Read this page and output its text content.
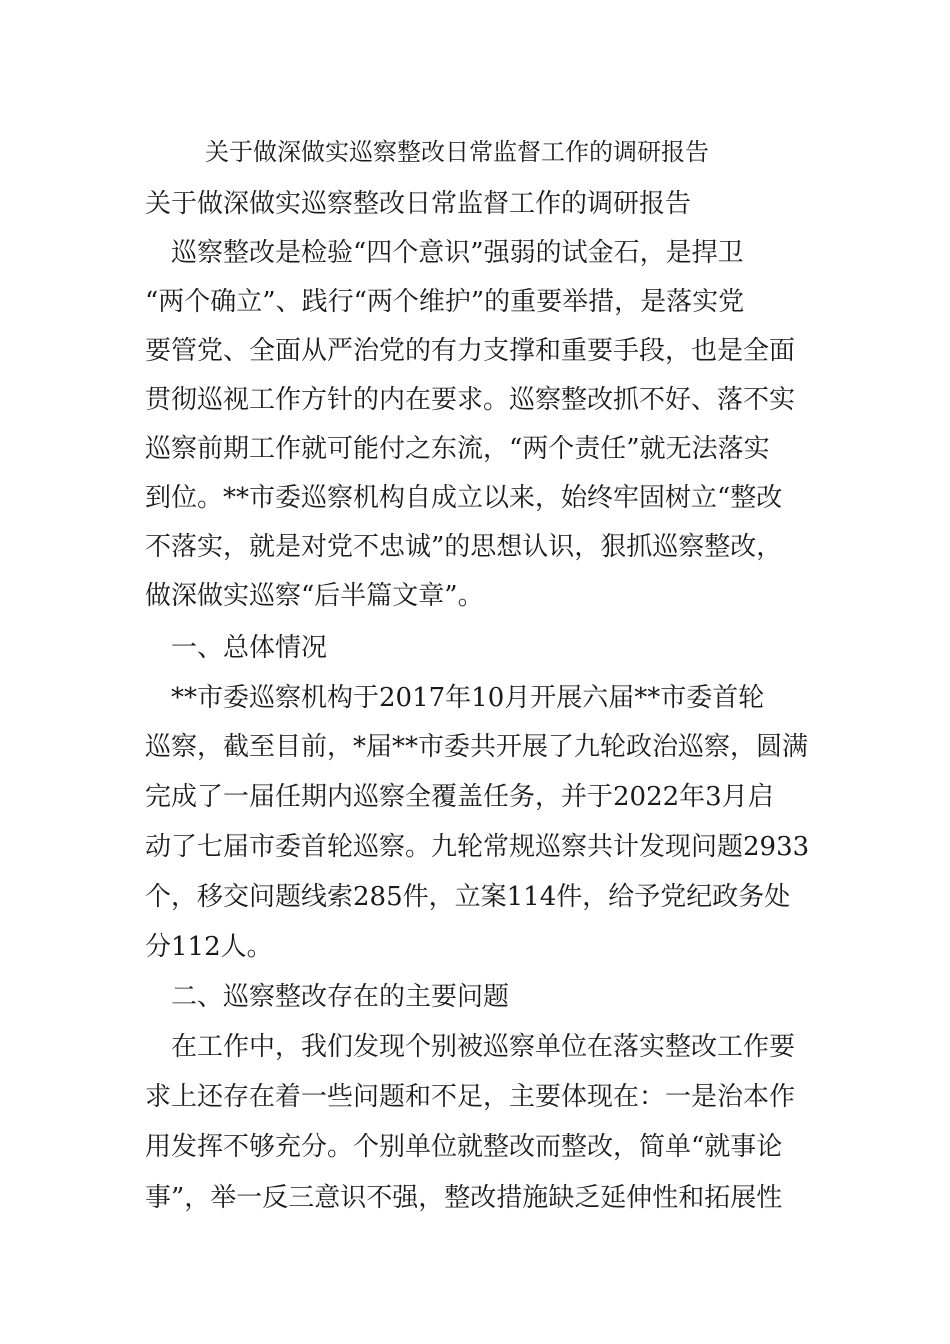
关于做深做实巡察整改日常监督工作的调研报告
关于做深做实巡察整改日常监督工作的调研报告
　巡察整改是检验“四个意识”强弱的试金石，是捍卫
“两个确立”、践行“两个维护”的重要举措，是落实党
要管党、全面从严治党的有力支撑和重要手段，也是全面
贯彻巡视工作方针的内在要求。巡察整改抓不好、落不实
巡察前期工作就可能付之东流，“两个责任”就无法落实
到位。**市委巡察机构自成立以来，始终牢固树立“整改
不落实，就是对党不忠诚”的思想认识，狠抓巡察整改，
做深做实巡察“后半篇文章”。
　一、总体情况
　**市委巡察机构于2017年10月开展六届**市委首轮
巡察，截至目前，*届**市委共开展了九轮政治巡察，圆满
完成了一届任期内巡察全覆盖任务，并于2022年3月启
动了七届市委首轮巡察。九轮常规巡察共计发现问题2933
个，移交问题线索285件，立案114件，给予党纪政务处
分112人。
　二、巡察整改存在的主要问题
　在工作中，我们发现个别被巡察单位在落实整改工作要
求上还存在着一些问题和不足，主要体现在：一是治本作
用发挥不够充分。个别单位就整改而整改，简单“就事论
事”，举一反三意识不强，整改措施缺乏延伸性和拓展性
